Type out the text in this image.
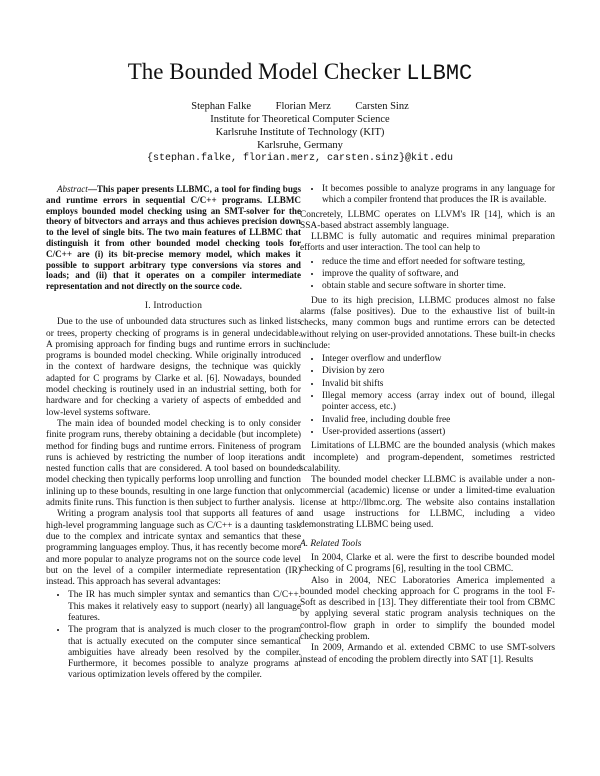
The Bounded Model Checker LLBMC
Stephan Falke Florian Merz Carsten Sinz
Institute for Theoretical Computer Science
Karlsruhe Institute of Technology (KIT)
Karlsruhe, Germany
{stephan.falke, florian.merz, carsten.sinz}@kit.edu

Abstract—This paper presents LLBMC, a tool for finding bugs and runtime errors in sequential C/C++ programs. LLBMC employs bounded model checking using an SMT-solver for the theory of bitvectors and arrays and thus achieves precision down to the level of single bits. The two main features of LLBMC that distinguish it from other bounded model checking tools for C/C++ are (i) its bit-precise memory model, which makes it possible to support arbitrary type conversions via stores and loads; and (ii) that it operates on a compiler intermediate representation and not directly on the source code.

I. Introduction

Due to the use of unbounded data structures such as linked lists or trees, property checking of programs is in general undecidable. A promising approach for finding bugs and runtime errors in such programs is bounded model checking. While originally introduced in the context of hardware designs, the technique was quickly adapted for C programs by Clarke et al. [6]. Nowadays, bounded model checking is routinely used in an industrial setting, both for hardware and for checking a variety of aspects of embedded and low-level systems software.

The main idea of bounded model checking is to only consider finite program runs, thereby obtaining a decidable (but incomplete) method for finding bugs and runtime errors. Finiteness of program runs is achieved by restricting the number of loop iterations and nested function calls that are considered. A tool based on bounded model checking then typically performs loop unrolling and function inlining up to these bounds, resulting in one large function that only admits finite runs. This function is then subject to further analysis.

Writing a program analysis tool that supports all features of a high-level programming language such as C/C++ is a daunting task due to the complex and intricate syntax and semantics that these programming languages employ. Thus, it has recently become more and more popular to analyze programs not on the source code level but on the level of a compiler intermediate representation (IR) instead. This approach has several advantages:

• The IR has much simpler syntax and semantics than C/C++. This makes it relatively easy to support (nearly) all language features.
• The program that is analyzed is much closer to the program that is actually executed on the computer since semantical ambiguities have already been resolved by the compiler. Furthermore, it becomes possible to analyze programs at various optimization levels offered by the compiler.
• It becomes possible to analyze programs in any language for which a compiler frontend that produces the IR is available.

Concretely, LLBMC operates on LLVM's IR [14], which is an SSA-based abstract assembly language.

LLBMC is fully automatic and requires minimal preparation efforts and user interaction. The tool can help to

• reduce the time and effort needed for software testing,
• improve the quality of software, and
• obtain stable and secure software in shorter time.

Due to its high precision, LLBMC produces almost no false alarms (false positives). Due to the exhaustive list of built-in checks, many common bugs and runtime errors can be detected without relying on user-provided annotations. These built-in checks include:

• Integer overflow and underflow
• Division by zero
• Invalid bit shifts
• Illegal memory access (array index out of bound, illegal pointer access, etc.)
• Invalid free, including double free
• User-provided assertions (assert)

Limitations of LLBMC are the bounded analysis (which makes it incomplete) and program-dependent, sometimes restricted scalability.

The bounded model checker LLBMC is available under a non-commercial (academic) license or under a limited-time evaluation license at http://llbmc.org. The website also contains installation and usage instructions for LLBMC, including a video demonstrating LLBMC being used.

A. Related Tools

In 2004, Clarke et al. were the first to describe bounded model checking of C programs [6], resulting in the tool CBMC.

Also in 2004, NEC Laboratories America implemented a bounded model checking approach for C programs in the tool F-Soft as described in [13]. They differentiate their tool from CBMC by applying several static program analysis techniques on the control-flow graph in order to simplify the bounded model checking problem.

In 2009, Armando et al. extended CBMC to use SMT-solvers instead of encoding the problem directly into SAT [1]. Results
